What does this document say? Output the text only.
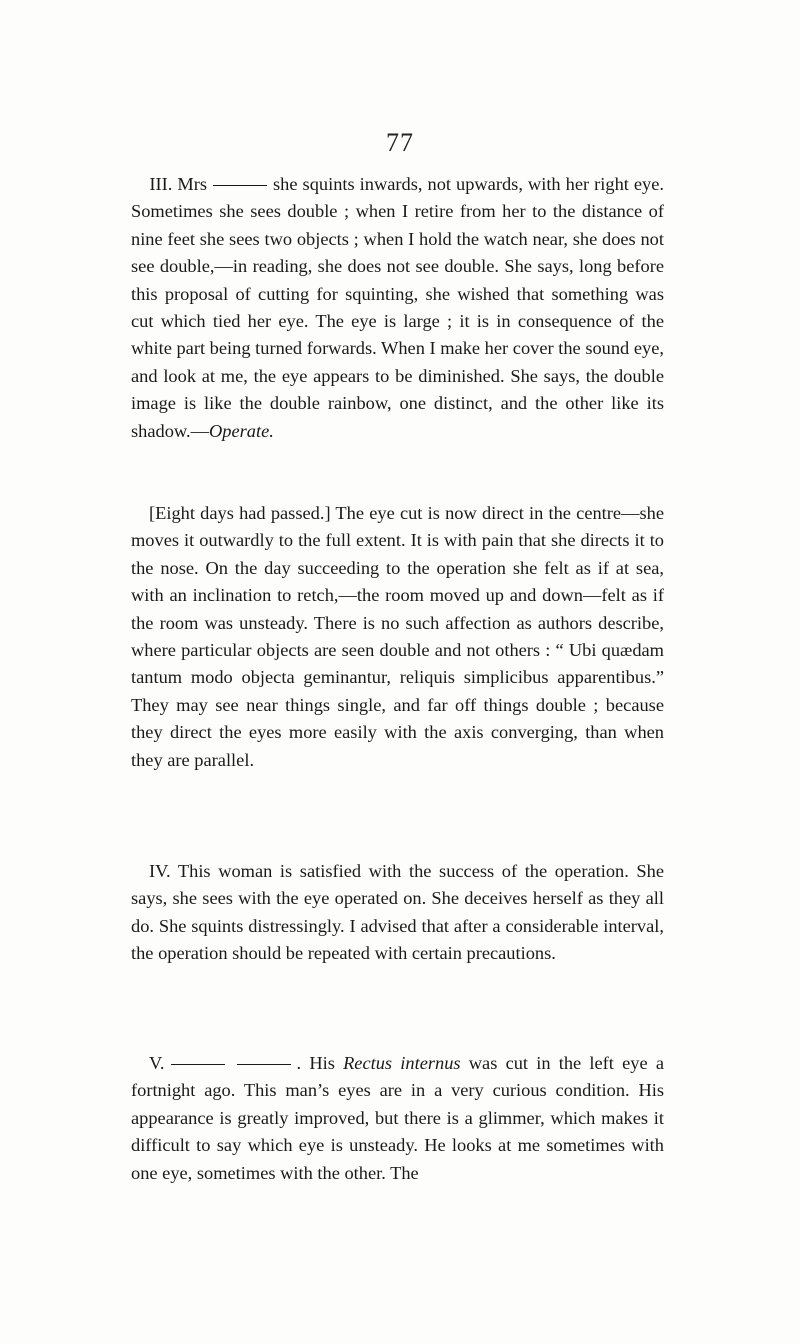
77

 III. Mrs	she squints inwards, not upwards, with her right eye. Sometimes she sees double ; when I retire from her to the distance of nine feet she sees two objects ; when I hold the watch near, she does not see double,—in reading, she does not see double. She says, long before this proposal of cutting for squinting, she wished that something was cut which tied her eye. The eye is large ; it is in consequence of the white part being turned forwards. When I make her cover the sound eye, and look at me, the eye appears to be diminished. She says, the double image is like the double rainbow, one distinct, and the other like its shadow.—Operate.

[Eight days had passed.] The eye cut is now direct in the centre—she moves it outwardly to the full extent. It is with pain that she directs it to the nose. On the day succeeding to the operation she felt as if at sea, with an inclination to retch,—the room moved up and down—felt as if the room was unsteady. There is no such affection as authors describe, where particular objects are seen double and not others : “ Ubi quædam tantum modo objecta geminantur, reliquis simplicibus apparentibus.” They may see near things single, and far off things double ; because they direct the eyes more easily with the axis converging, than when they are parallel.

IV. This woman is satisfied with the success of the operation. She says, she sees with the eye operated on. She deceives herself as they all do. She squints distressingly. I advised that after a considerable interval, the operation should be repeated with certain precautions.

V.	. His Rectus internus was cut in the left eye a fortnight ago. This man’s eyes are in a very curious condition. His appearance is greatly improved, but there is a glimmer, which makes it difficult to say which eye is unsteady. He looks at me sometimes with one eye, sometimes with the other. The
